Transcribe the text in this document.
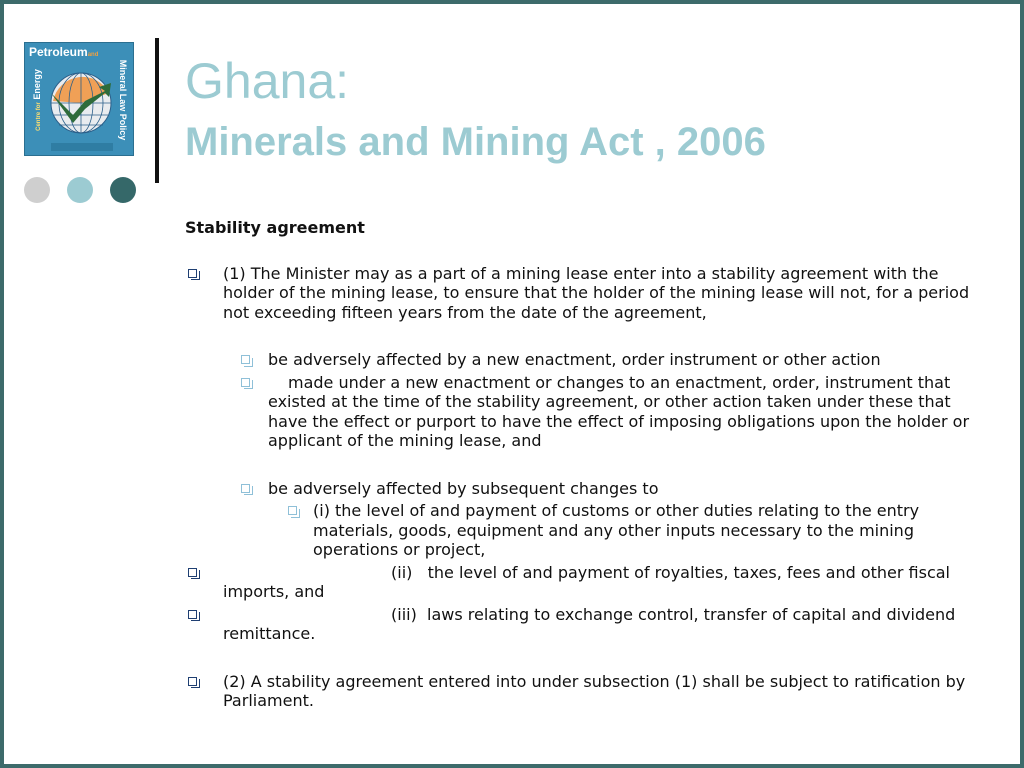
Petroleumand
Centre for Energy	Mineral Law Policy Ghana:
Minerals and Mining Act , 2006
Stability agreement
(1) The Minister may as a part of a mining lease enter into a stability agreement with the holder of the mining lease, to ensure that the holder of the mining lease will not, for a period not exceeding fifteen years from the date of the agreement,
be adversely affected by a new enactment, order instrument or other action
made under a new enactment or changes to an enactment, order, instrument that existed at the time of the stability agreement, or other action taken under these that have the effect or purport to have the effect of imposing obligations upon the holder or applicant of the mining lease, and
be adversely affected by subsequent changes to
(i) the level of and payment of customs or other duties relating to the entry materials, goods, equipment and any other inputs necessary to the mining operations or project,
(ii) the level of and payment of royalties, taxes, fees and other fiscal imports, and
(iii) laws relating to exchange control, transfer of capital and dividend remittance.
(2) A stability agreement entered into under subsection (1) shall be subject to ratification by Parliament.
